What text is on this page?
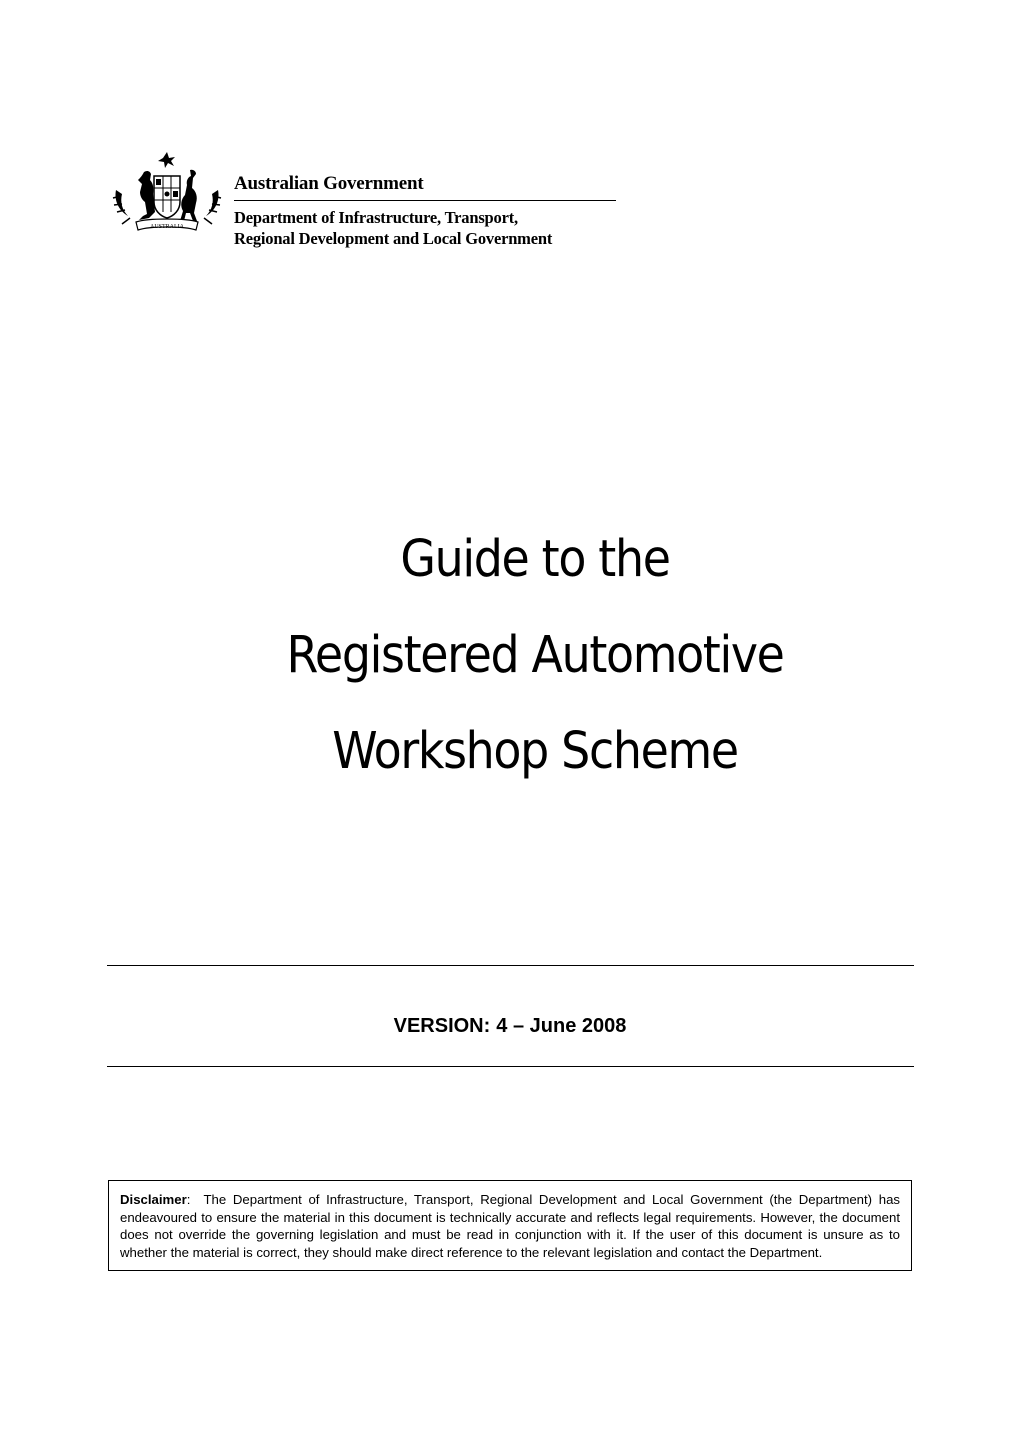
AUSTRALIA
Australian Government
Department of Infrastructure, Transport,
Regional Development and Local Government
Guide to the
Registered Automotive
Workshop Scheme
VERSION: 4 – June 2008
Disclaimer: The Department of Infrastructure, Transport, Regional Development and Local Government (the Department) has endeavoured to ensure the material in this document is technically accurate and reflects legal requirements. However, the document does not override the governing legislation and must be read in conjunction with it. If the user of this document is unsure as to whether the material is correct, they should make direct reference to the relevant legislation and contact the Department.
